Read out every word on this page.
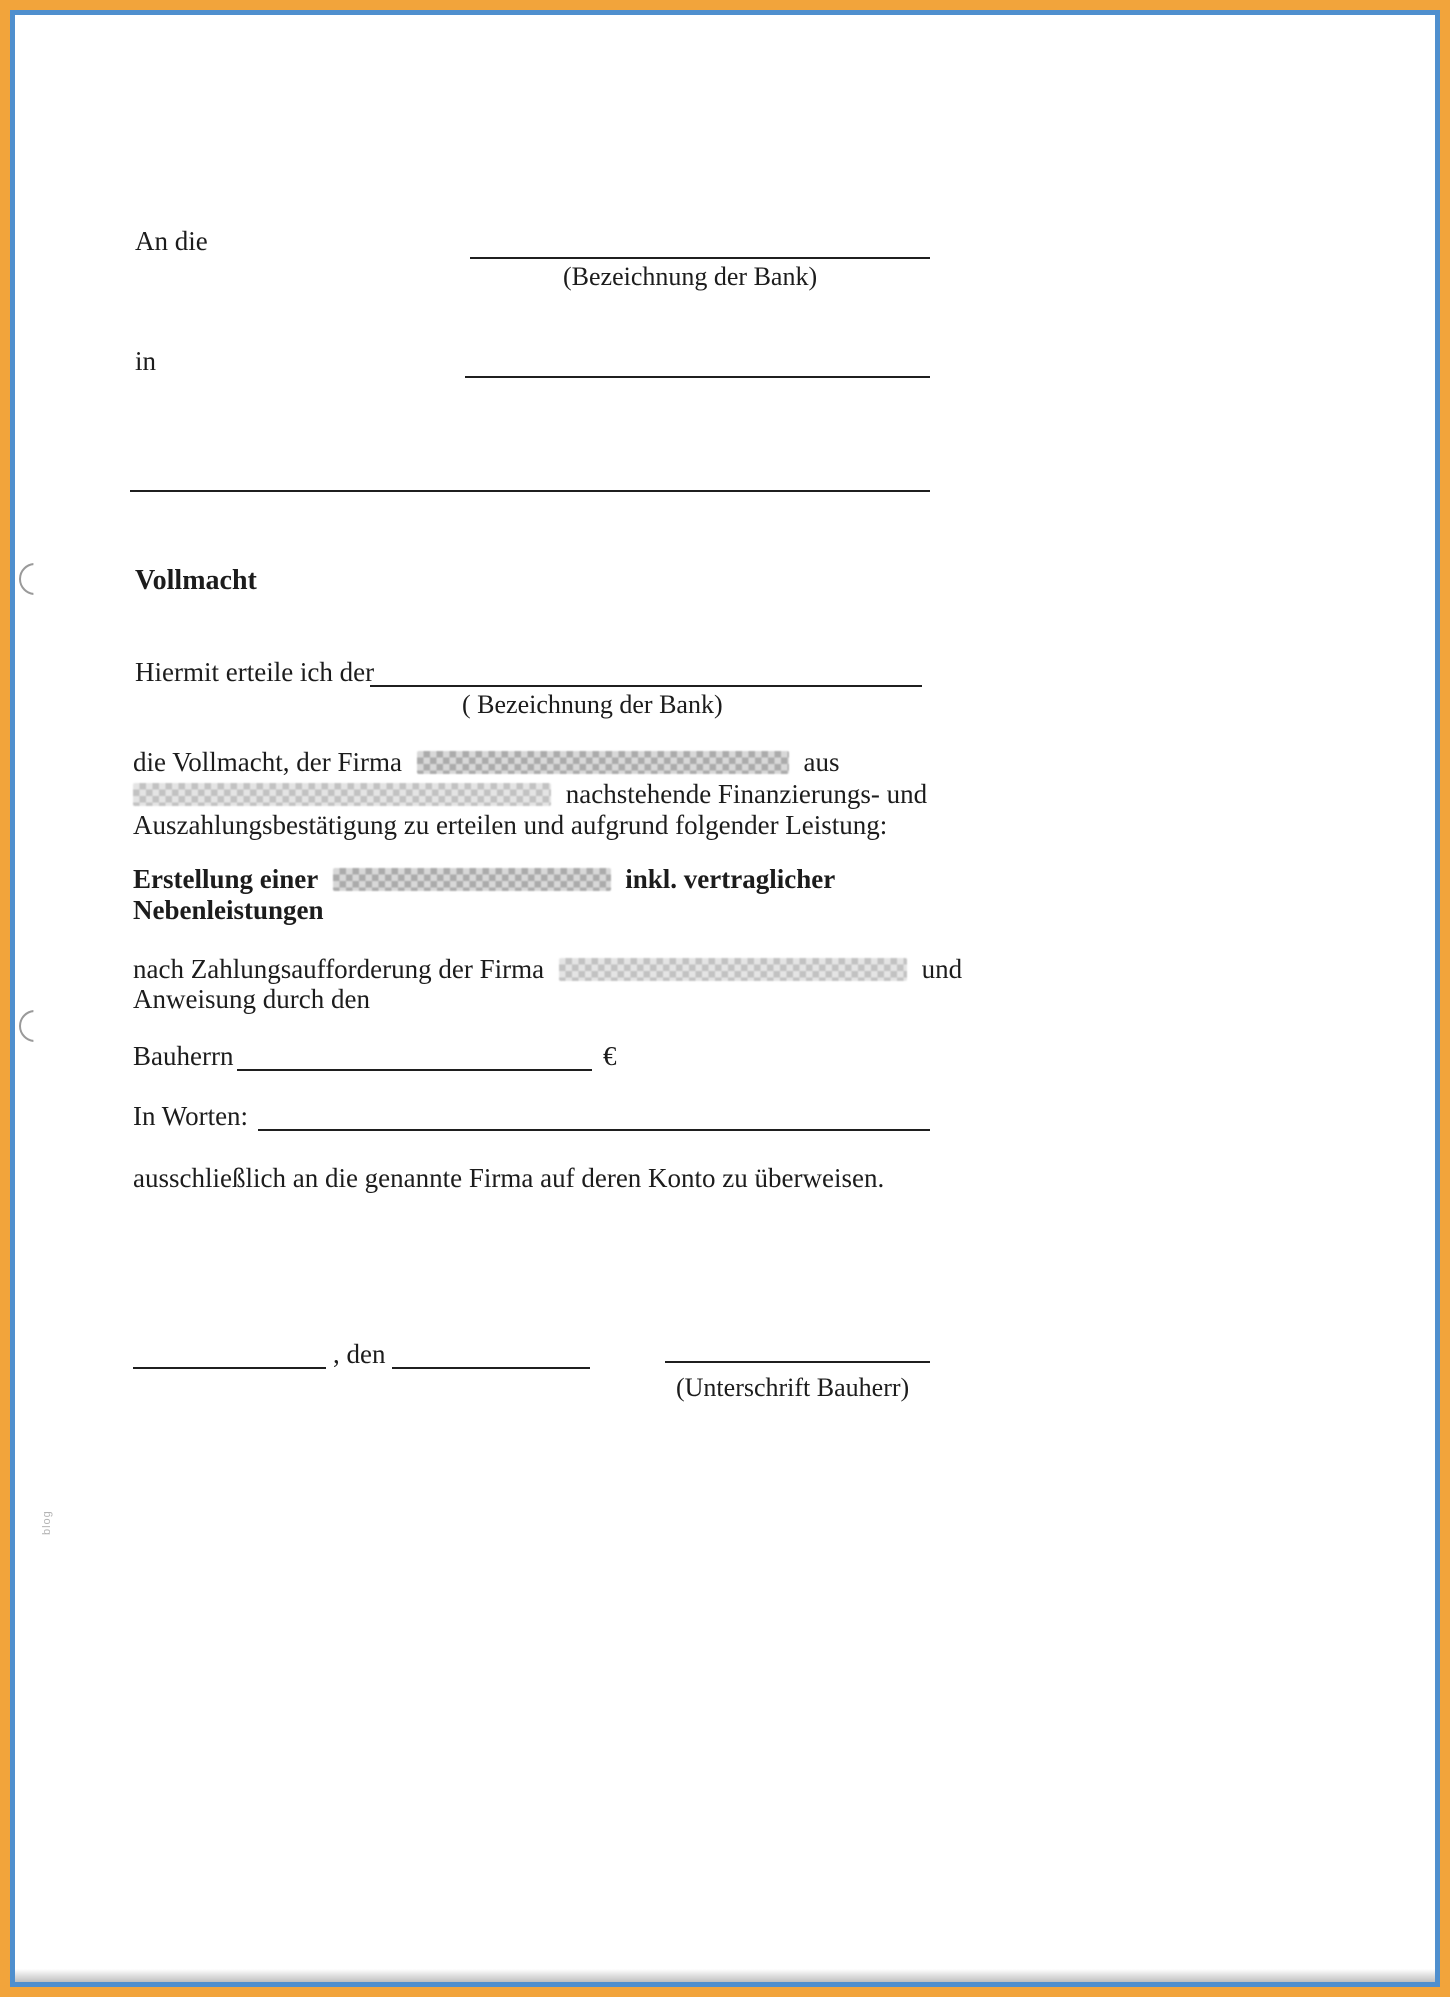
An die
(Bezeichnung der Bank)
in
Vollmacht
Hiermit erteile ich der
( Bezeichnung der Bank)
die Vollmacht, der Firma	aus
nachstehende Finanzierungs- und
Auszahlungsbestätigung zu erteilen und aufgrund folgender Leistung:
Erstellung einer	inkl. vertraglicher
Nebenleistungen
nach Zahlungsaufforderung der Firma	und
Anweisung durch den
Bauherrn	€
In Worten:
ausschließlich an die genannte Firma auf deren Konto zu überweisen.
, den
(Unterschrift Bauherr)
blog
